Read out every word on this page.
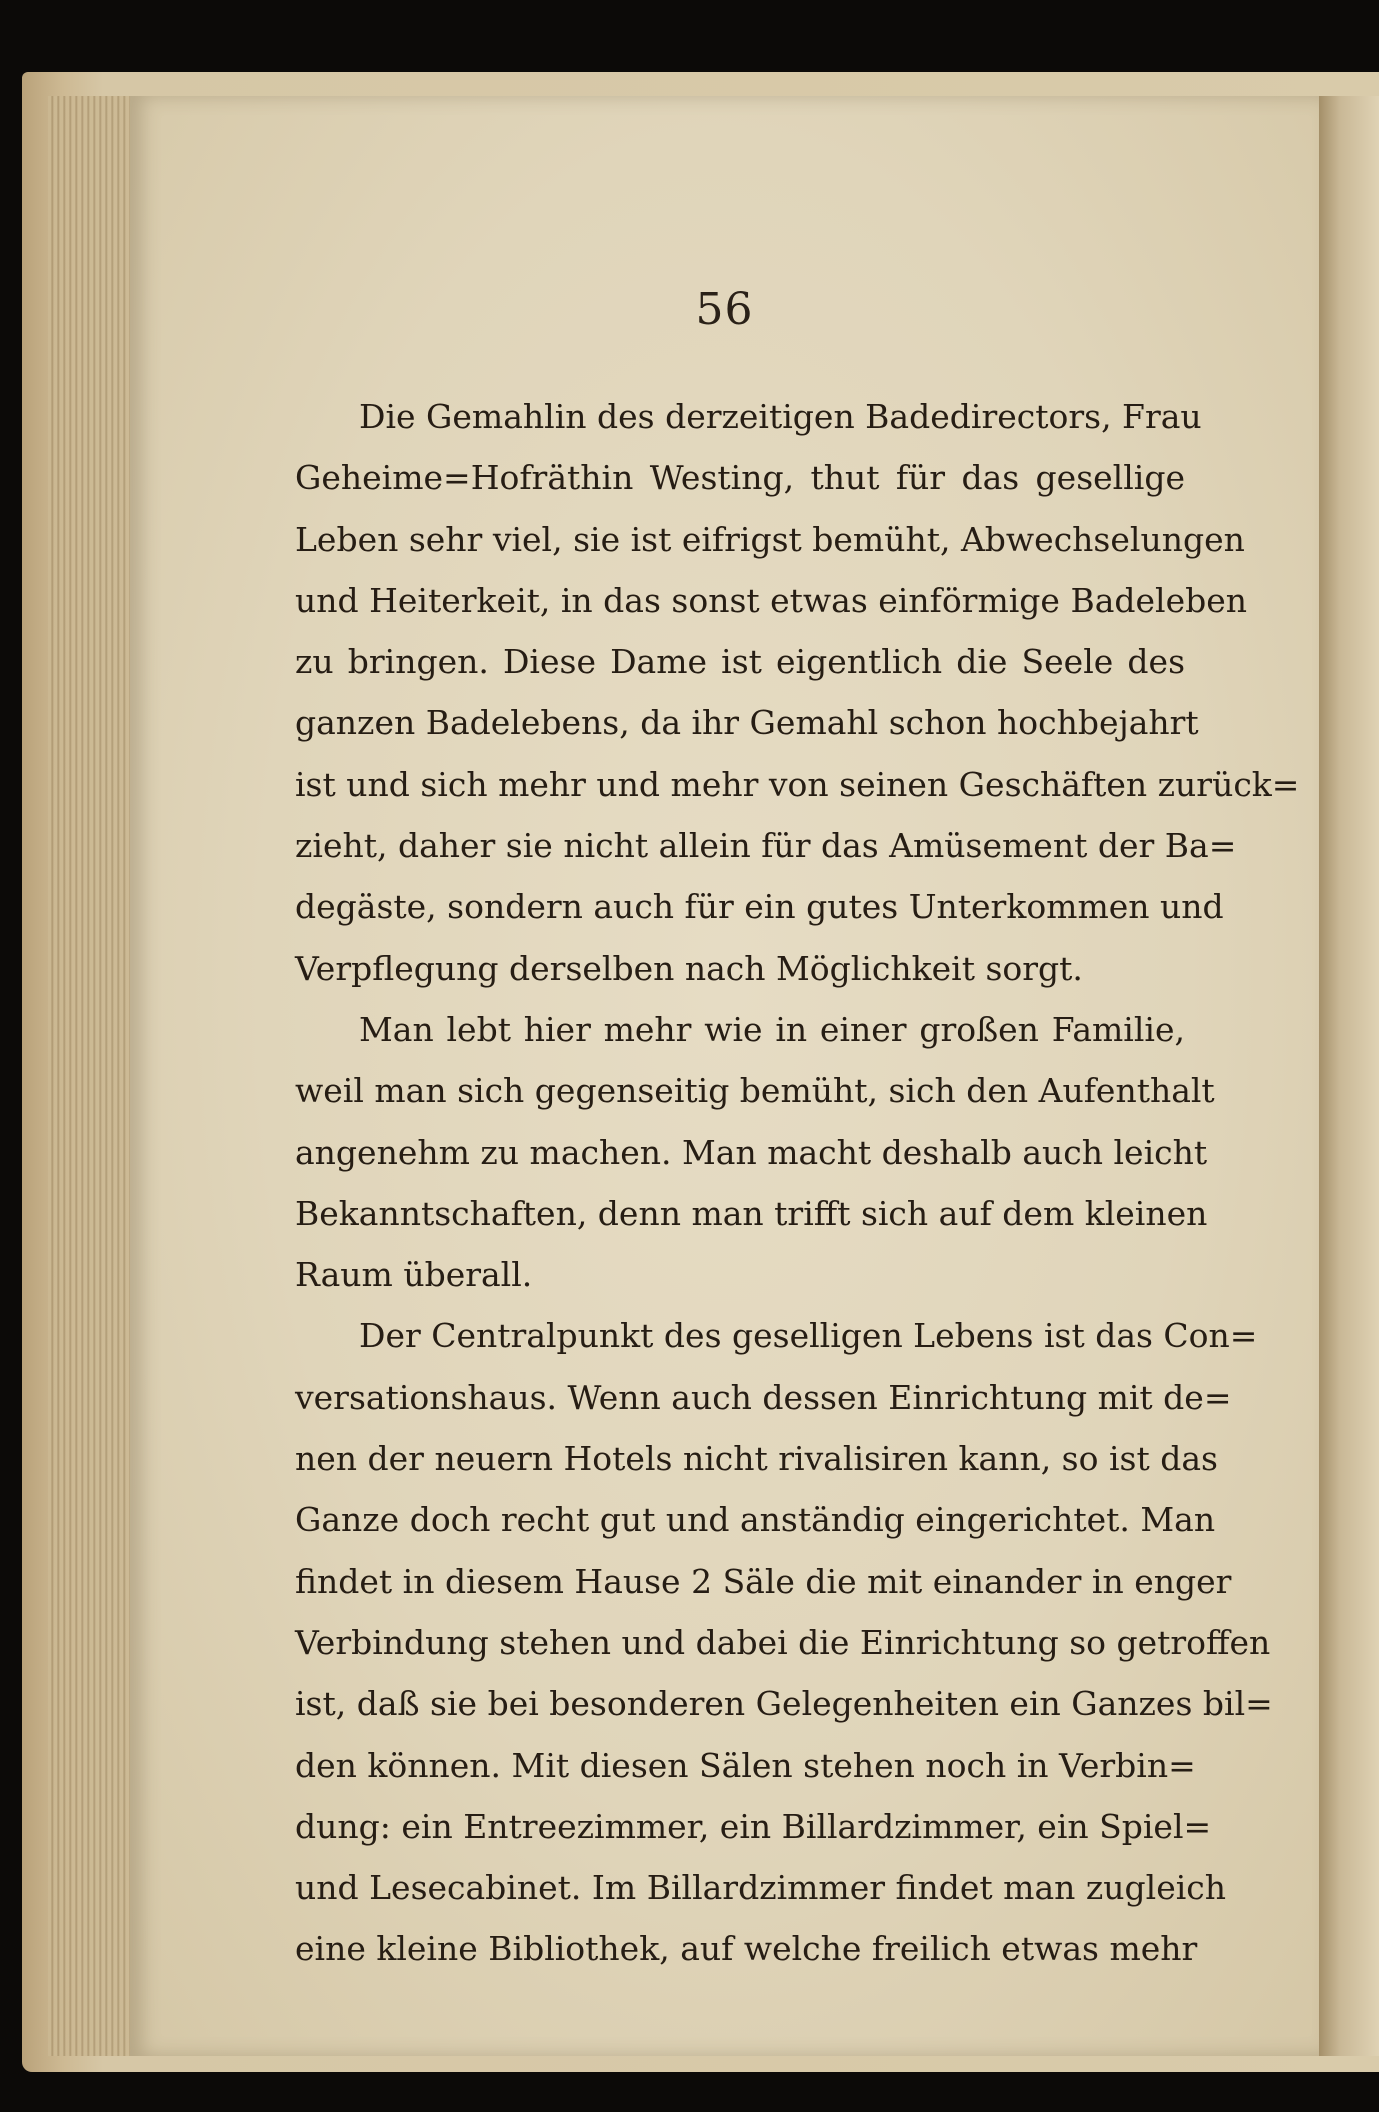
56
Die Gemahlin des derzeitigen Badedirectors, Frau
Geheime=Hofräthin Westing, thut für das gesellige
Leben sehr viel, sie ist eifrigst bemüht, Abwechselungen
und Heiterkeit, in das sonst etwas einförmige Badeleben
zu bringen. Diese Dame ist eigentlich die Seele des
ganzen Badelebens, da ihr Gemahl schon hochbejahrt
ist und sich mehr und mehr von seinen Geschäften zurück=
zieht, daher sie nicht allein für das Amüsement der Ba=
degäste, sondern auch für ein gutes Unterkommen und
Verpflegung derselben nach Möglichkeit sorgt.
Man lebt hier mehr wie in einer großen Familie,
weil man sich gegenseitig bemüht, sich den Aufenthalt
angenehm zu machen. Man macht deshalb auch leicht
Bekanntschaften, denn man trifft sich auf dem kleinen
Raum überall.
Der Centralpunkt des geselligen Lebens ist das Con=
versationshaus. Wenn auch dessen Einrichtung mit de=
nen der neuern Hotels nicht rivalisiren kann, so ist das
Ganze doch recht gut und anständig eingerichtet. Man
findet in diesem Hause 2 Säle die mit einander in enger
Verbindung stehen und dabei die Einrichtung so getroffen
ist, daß sie bei besonderen Gelegenheiten ein Ganzes bil=
den können. Mit diesen Sälen stehen noch in Verbin=
dung: ein Entreezimmer, ein Billardzimmer, ein Spiel=
und Lesecabinet. Im Billardzimmer findet man zugleich
eine kleine Bibliothek, auf welche freilich etwas mehr
